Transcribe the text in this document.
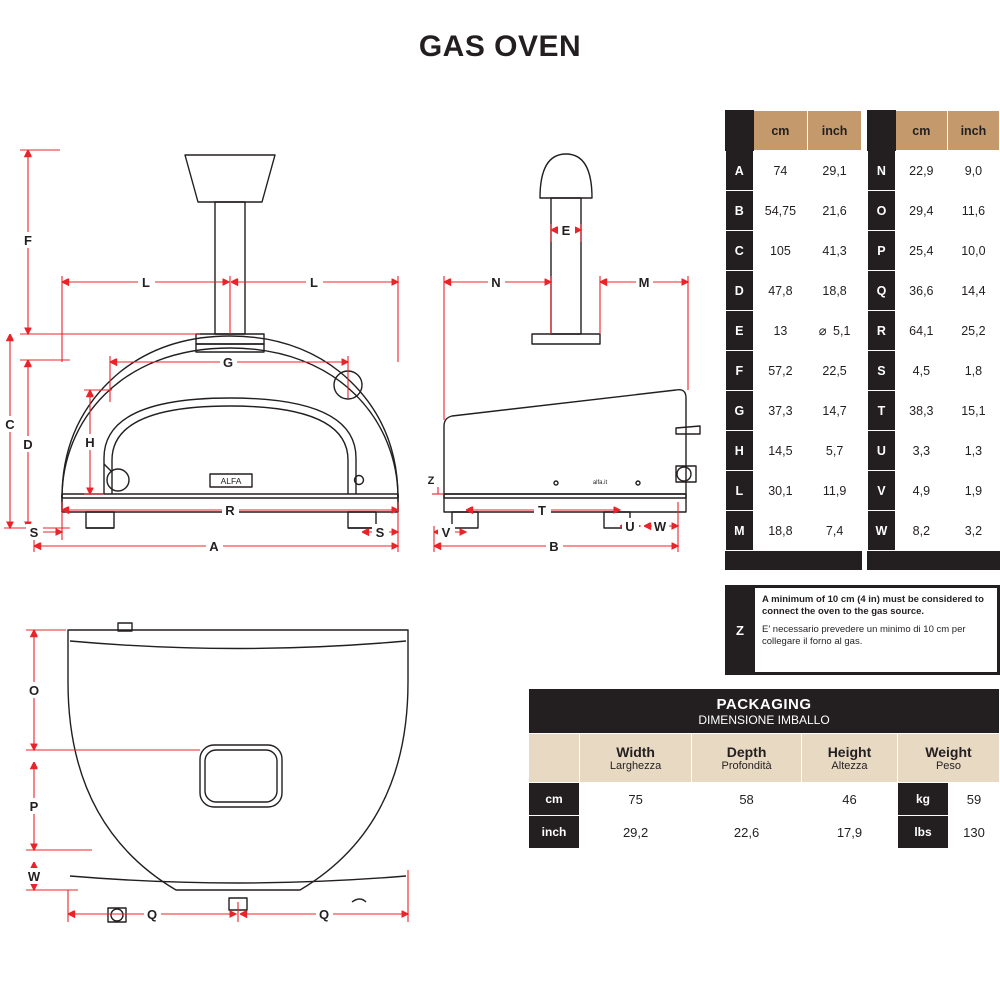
GAS OVEN
F
C
D
L	L
G
H
R
S	S
A
E
N	M
T
U W
V
B
Z
O
P
W
Q	Q
ALFA	alfa.it
	cm	inch
A	74	29,1
B	54,75	21,6
C	105	41,3
D	47,8	18,8
E	13	⌀ 5,1
F	57,2	22,5
G	37,3	14,7
H	14,5	5,7
L	30,1	11,9
M	18,8	7,4
	cm	inch
N	22,9	9,0
O	29,4	11,6
P	25,4	10,0
Q	36,6	14,4
R	64,1	25,2
S	4,5	1,8
T	38,3	15,1
U	3,3	1,3
V	4,9	1,9
W	8,2	3,2
Z
A minimum of 10 cm (4 in) must be considered to connect the oven to the gas source.
E' necessario prevedere un minimo di 10 cm per collegare il forno al gas.
PACKAGING
DIMENSIONE IMBALLO					

Width
Larghezza

Depth
Profondità

Height
Altezza

Weight
Peso

cm	75	58	46	kg	59
inch	29,2	22,6	17,9	lbs	130
